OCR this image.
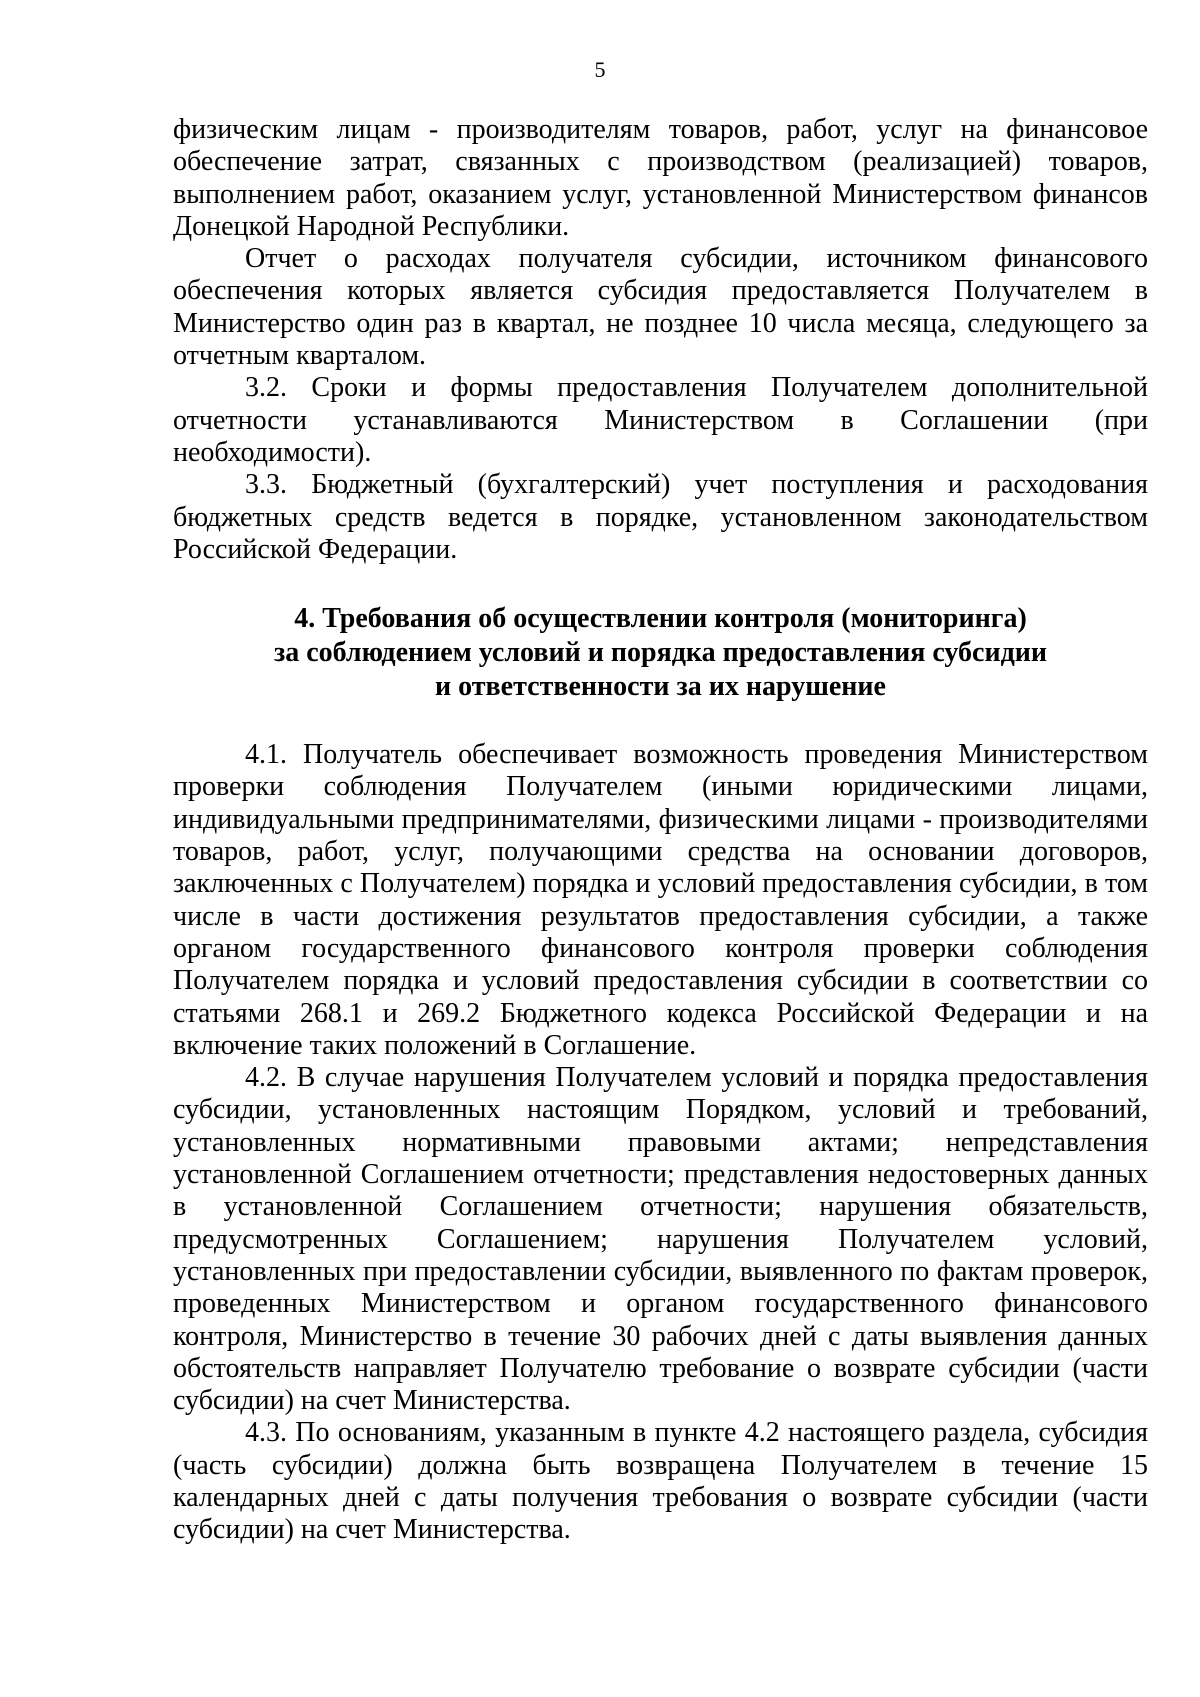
5

физическим лицам - производителям товаров, работ, услуг на финансовое обеспечение затрат, связанных с производством (реализацией) товаров, выполнением работ, оказанием услуг, установленной Министерством финансов Донецкой Народной Республики.

Отчет о расходах получателя субсидии, источником финансового обеспечения которых является субсидия предоставляется Получателем в Министерство один раз в квартал, не позднее 10 числа месяца, следующего за отчетным кварталом.

3.2. Сроки и формы предоставления Получателем дополнительной отчетности устанавливаются Министерством в Соглашении (при необходимости).

3.3. Бюджетный (бухгалтерский) учет поступления и расходования бюджетных средств ведется в порядке, установленном законодательством Российской Федерации.

4. Требования об осуществлении контроля (мониторинга)
за соблюдением условий и порядка предоставления субсидии
и ответственности за их нарушение

4.1. Получатель обеспечивает возможность проведения Министерством проверки соблюдения Получателем (иными юридическими лицами, индивидуальными предпринимателями, физическими лицами - производителями товаров, работ, услуг, получающими средства на основании договоров, заключенных с Получателем) порядка и условий предоставления субсидии, в том числе в части достижения результатов предоставления субсидии, а также органом государственного финансового контроля проверки соблюдения Получателем порядка и условий предоставления субсидии в соответствии со статьями 268.1 и 269.2 Бюджетного кодекса Российской Федерации и на включение таких положений в Соглашение.

4.2. В случае нарушения Получателем условий и порядка предоставления субсидии, установленных настоящим Порядком, условий и требований, установленных нормативными правовыми актами; непредставления установленной Соглашением отчетности; представления недостоверных данных в установленной Соглашением отчетности; нарушения обязательств, предусмотренных Соглашением; нарушения Получателем условий, установленных при предоставлении субсидии, выявленного по фактам проверок, проведенных Министерством и органом государственного финансового контроля, Министерство в течение 30 рабочих дней с даты выявления данных обстоятельств направляет Получателю требование о возврате субсидии (части субсидии) на счет Министерства.

4.3. По основаниям, указанным в пункте 4.2 настоящего раздела, субсидия (часть субсидии) должна быть возвращена Получателем в течение 15 календарных дней с даты получения требования о возврате субсидии (части субсидии) на счет Министерства.
